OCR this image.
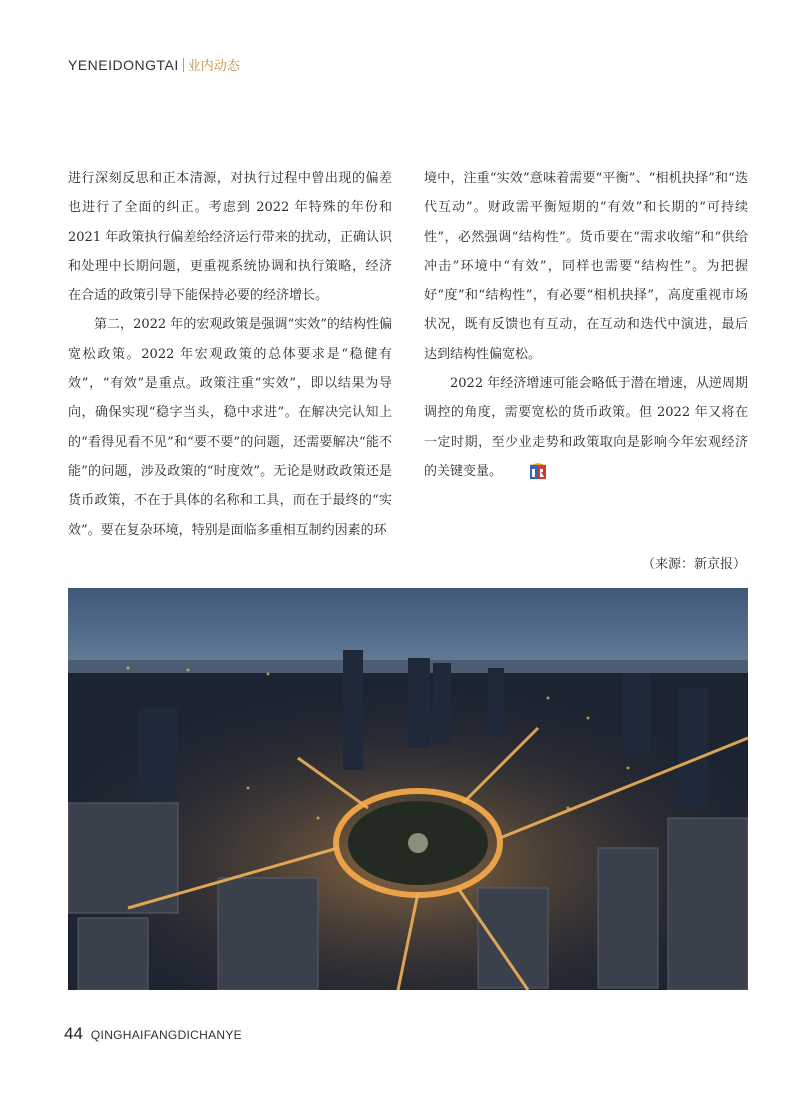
YENEIDONGTAI 业内动态

进行深刻反思和正本清源，对执行过程中曾出现的偏差也进行了全面的纠正。考虑到 2022 年特殊的年份和 2021 年政策执行偏差给经济运行带来的扰动，正确认识和处理中长期问题，更重视系统协调和执行策略，经济在合适的政策引导下能保持必要的经济增长。

第二，2022 年的宏观政策是强调“实效”的结构性偏宽松政策。2022 年宏观政策的总体要求是“稳健有效”，“有效”是重点。政策注重“实效”，即以结果为导向，确保实现“稳字当头，稳中求进”。在解决完认知上的“看得见看不见”和“要不要”的问题，还需要解决“能不能”的问题，涉及政策的“时度效”。无论是财政政策还是货币政策，不在于具体的名称和工具，而在于最终的“实效”。要在复杂环境，特别是面临多重相互制约因素的环

境中，注重“实效”意味着需要“平衡”、“相机抉择”和“迭代互动”。财政需平衡短期的“有效”和长期的“可持续性”，必然强调“结构性”。货币要在“需求收缩”和“供给冲击”环境中“有效”，同样也需要“结构性”。为把握好“度”和“结构性”，有必要“相机抉择”，高度重视市场状况，既有反馈也有互动，在互动和迭代中演进，最后达到结构性偏宽松。

2022 年经济增速可能会略低于潜在增速，从逆周期调控的角度，需要宽松的货币政策。但 2022 年又将在一定时期，至少业走势和政策取向是影响今年宏观经济的关键变量。

（来源：新京报）
44 QINGHAIFANGDICHANYE
